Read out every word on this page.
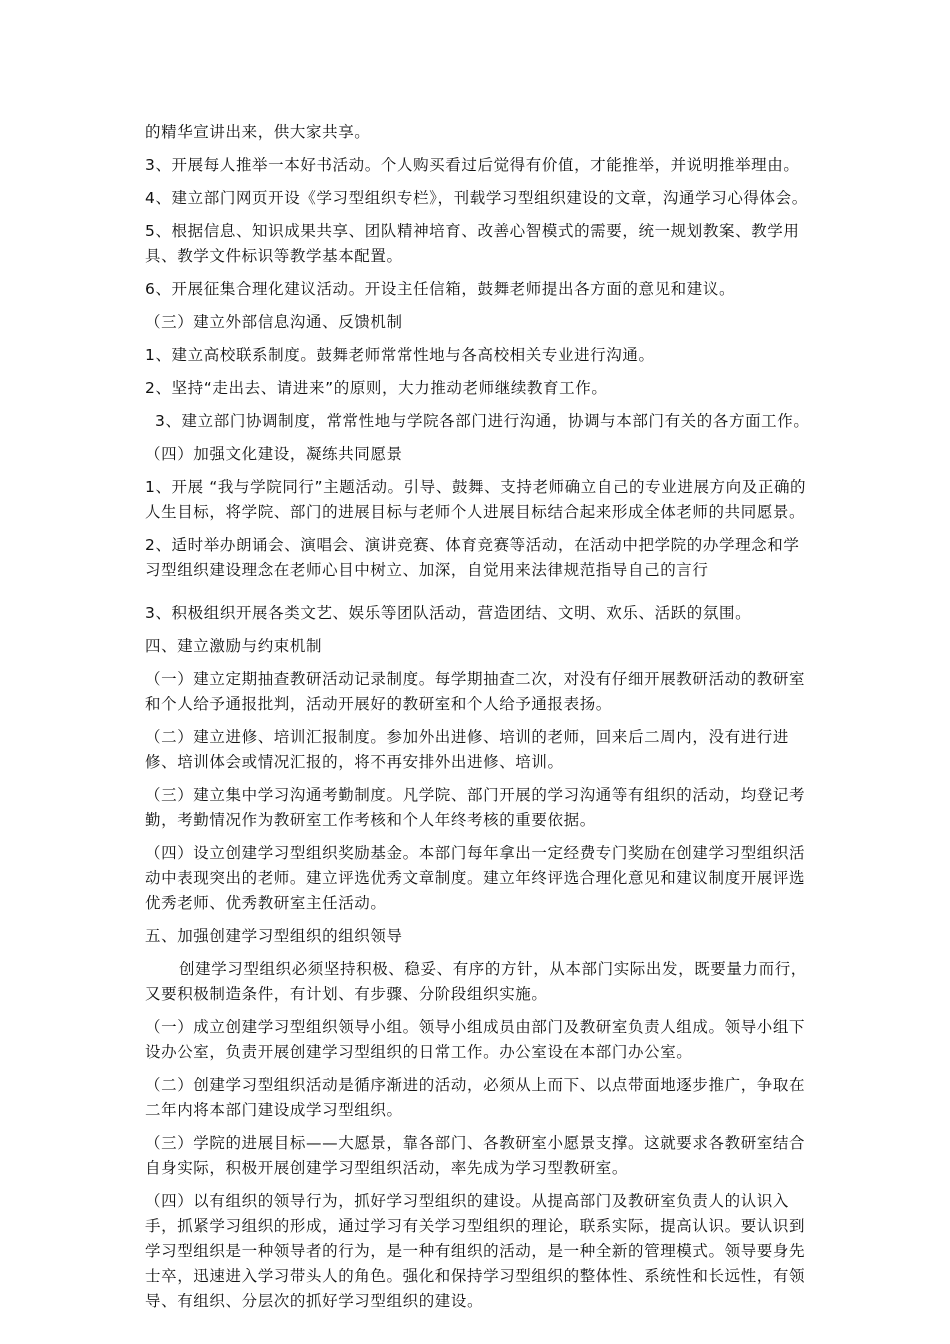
的精华宣讲出来，供大家共享。

3、开展每人推举一本好书活动。个人购买看过后觉得有价值，才能推举，并说明推举理由。

4、建立部门网页开设《学习型组织专栏》，刊载学习型组织建设的文章，沟通学习心得体会。

5、根据信息、知识成果共享、团队精神培育、改善心智模式的需要，统一规划教案、教学用具、教学文件标识等教学基本配置。

6、开展征集合理化建议活动。开设主任信箱，鼓舞老师提出各方面的意见和建议。

（三）建立外部信息沟通、反馈机制

1、建立高校联系制度。鼓舞老师常常性地与各高校相关专业进行沟通。

2、坚持“走出去、请进来”的原则，大力推动老师继续教育工作。

3、建立部门协调制度，常常性地与学院各部门进行沟通，协调与本部门有关的各方面工作。

（四）加强文化建设，凝练共同愿景

1、开展 “我与学院同行”主题活动。引导、鼓舞、支持老师确立自己的专业进展方向及正确的人生目标，将学院、部门的进展目标与老师个人进展目标结合起来形成全体老师的共同愿景。

2、适时举办朗诵会、演唱会、演讲竞赛、体育竞赛等活动，在活动中把学院的办学理念和学习型组织建设理念在老师心目中树立、加深，自觉用来法律规范指导自己的言行

3、积极组织开展各类文艺、娱乐等团队活动，营造团结、文明、欢乐、活跃的氛围。

四、建立激励与约束机制

（一）建立定期抽查教研活动记录制度。每学期抽查二次，对没有仔细开展教研活动的教研室和个人给予通报批判，活动开展好的教研室和个人给予通报表扬。

（二）建立进修、培训汇报制度。参加外出进修、培训的老师，回来后二周内，没有进行进修、培训体会或情况汇报的，将不再安排外出进修、培训。

（三）建立集中学习沟通考勤制度。凡学院、部门开展的学习沟通等有组织的活动，均登记考勤，考勤情况作为教研室工作考核和个人年终考核的重要依据。

（四）设立创建学习型组织奖励基金。本部门每年拿出一定经费专门奖励在创建学习型组织活动中表现突出的老师。建立评选优秀文章制度。建立年终评选合理化意见和建议制度开展评选优秀老师、优秀教研室主任活动。

五、加强创建学习型组织的组织领导

创建学习型组织必须坚持积极、稳妥、有序的方针，从本部门实际出发，既要量力而行，又要积极制造条件，有计划、有步骤、分阶段组织实施。

（一）成立创建学习型组织领导小组。领导小组成员由部门及教研室负责人组成。领导小组下设办公室，负责开展创建学习型组织的日常工作。办公室设在本部门办公室。

（二）创建学习型组织活动是循序渐进的活动，必须从上而下、以点带面地逐步推广，争取在二年内将本部门建设成学习型组织。

（三）学院的进展目标——大愿景，靠各部门、各教研室小愿景支撑。这就要求各教研室结合自身实际，积极开展创建学习型组织活动，率先成为学习型教研室。

（四）以有组织的领导行为，抓好学习型组织的建设。从提高部门及教研室负责人的认识入手，抓紧学习组织的形成，通过学习有关学习型组织的理论，联系实际，提高认识。要认识到学习型组织是一种领导者的行为，是一种有组织的活动，是一种全新的管理模式。领导要身先士卒，迅速进入学习带头人的角色。强化和保持学习型组织的整体性、系统性和长远性，有领导、有组织、分层次的抓好学习型组织的建设。
